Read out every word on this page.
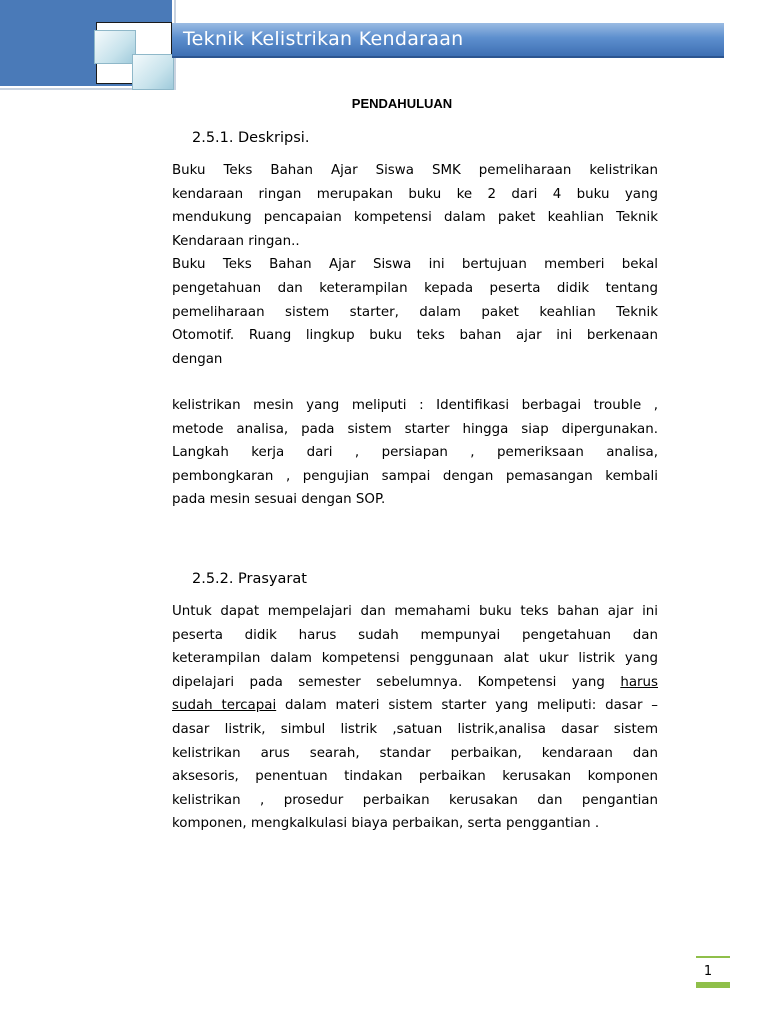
Teknik Kelistrikan Kendaraan
PENDAHULUAN
2.5.1. Deskripsi.
Buku Teks Bahan Ajar Siswa SMK pemeliharaan kelistrikan
kendaraan ringan merupakan buku ke 2 dari 4 buku yang
mendukung pencapaian kompetensi dalam paket keahlian Teknik
Kendaraan ringan..
Buku Teks Bahan Ajar Siswa ini bertujuan memberi bekal
pengetahuan dan keterampilan kepada peserta didik tentang
pemeliharaan sistem starter, dalam paket keahlian Teknik
Otomotif. Ruang lingkup buku teks bahan ajar ini berkenaan
dengan
kelistrikan mesin yang meliputi : Identifikasi berbagai trouble ,
metode analisa, pada sistem starter hingga siap dipergunakan.
Langkah kerja dari , persiapan , pemeriksaan analisa,
pembongkaran , pengujian sampai dengan pemasangan kembali
pada mesin sesuai dengan SOP.
2.5.2. Prasyarat
Untuk dapat mempelajari dan memahami buku teks bahan ajar ini
peserta didik harus sudah mempunyai pengetahuan dan
keterampilan dalam kompetensi penggunaan alat ukur listrik yang
dipelajari pada semester sebelumnya. Kompetensi yang harus
sudah tercapai dalam materi sistem starter yang meliputi: dasar –
dasar listrik, simbul listrik ,satuan listrik,analisa dasar sistem
kelistrikan arus searah, standar perbaikan, kendaraan dan
aksesoris, penentuan tindakan perbaikan kerusakan komponen
kelistrikan , prosedur perbaikan kerusakan dan pengantian
komponen, mengkalkulasi biaya perbaikan, serta penggantian .
1
